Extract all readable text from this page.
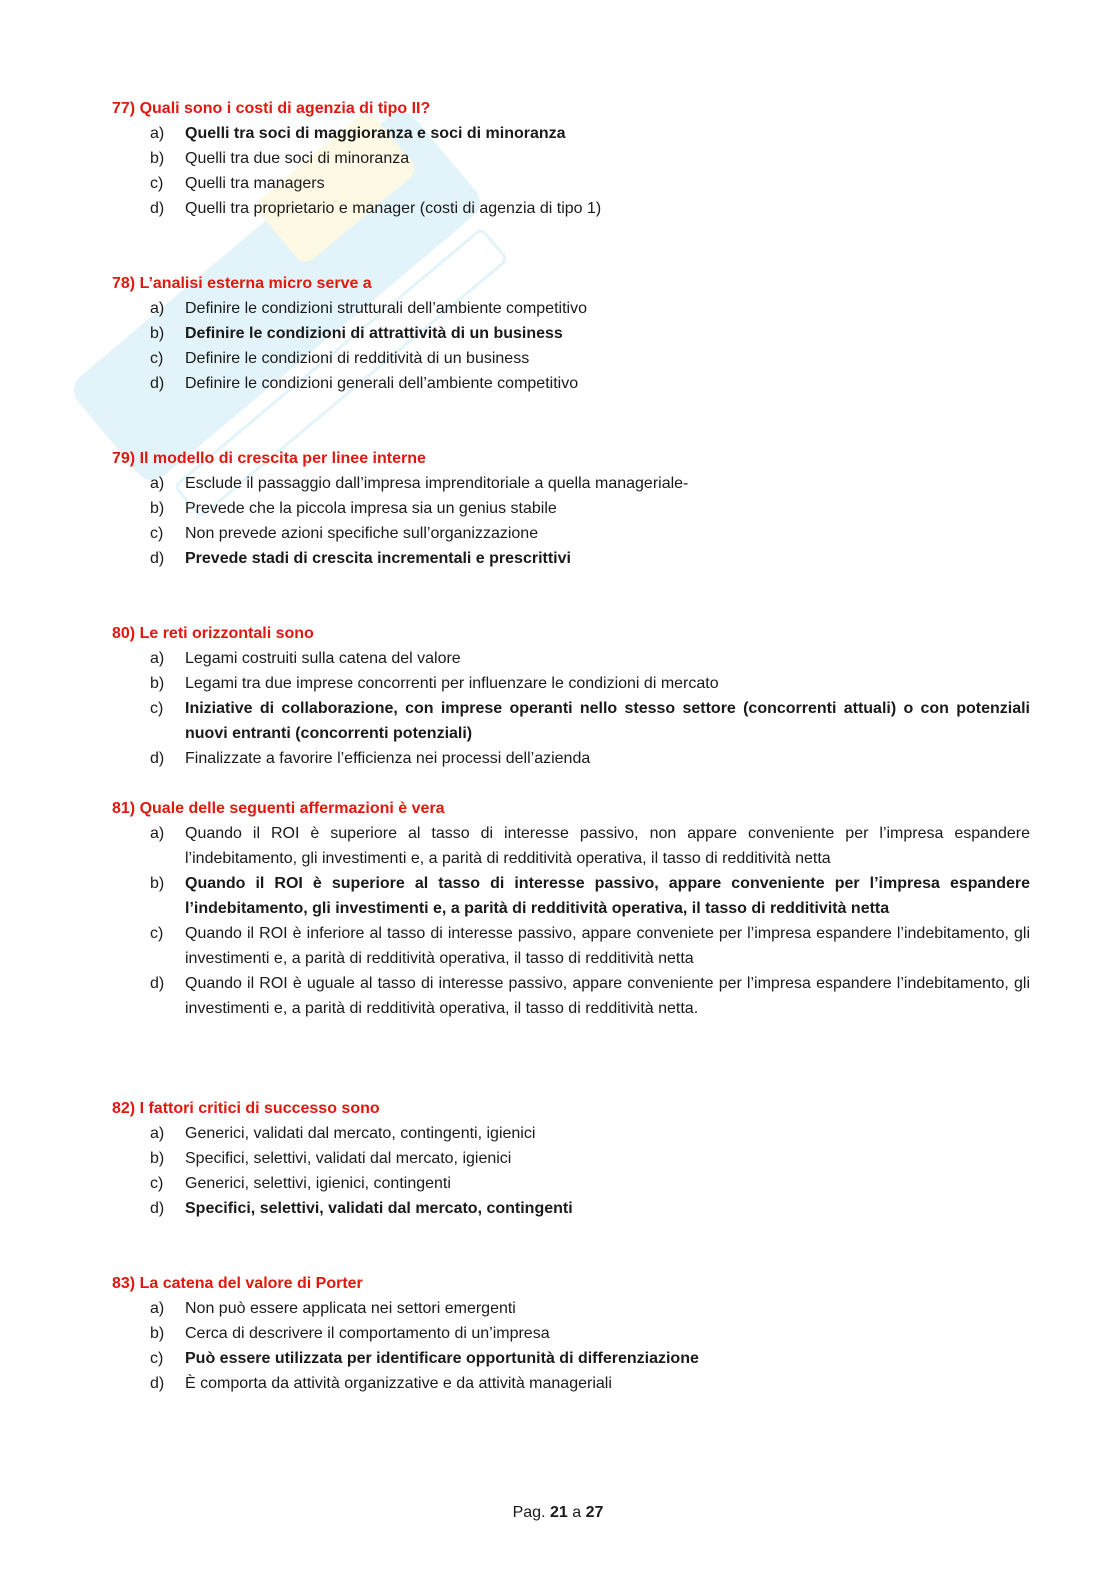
77) Quali sono i costi di agenzia di tipo II?
a)	Quelli tra soci di maggioranza e soci di minoranza
b)	Quelli tra due soci di minoranza
c)	Quelli tra managers
d)	Quelli tra proprietario e manager (costi di agenzia di tipo 1)
78) L’analisi esterna micro serve a
a)	Definire le condizioni strutturali dell’ambiente competitivo
b)	Definire le condizioni di attrattività di un business
c)	Definire le condizioni di redditività di un business
d)	Definire le condizioni generali dell’ambiente competitivo
79) Il modello di crescita per linee interne
a)	Esclude il passaggio dall’impresa imprenditoriale a quella manageriale-
b)	Prevede che la piccola impresa sia un genius stabile
c)	Non prevede azioni specifiche sull’organizzazione
d)	Prevede stadi di crescita incrementali e prescrittivi
80) Le reti orizzontali sono
a)	Legami costruiti sulla catena del valore
b)	Legami tra due imprese concorrenti per influenzare le condizioni di mercato
c)	Iniziative di collaborazione, con imprese operanti nello stesso settore (concorrenti attuali) o con potenziali nuovi entranti (concorrenti potenziali)
d)	Finalizzate a favorire l’efficienza nei processi dell’azienda
81) Quale delle seguenti affermazioni è vera
a)	Quando il ROI è superiore al tasso di interesse passivo, non appare conveniente per l’impresa espandere l’indebitamento, gli investimenti e, a parità di redditività operativa, il tasso di redditività netta
b)	Quando il ROI è superiore al tasso di interesse passivo, appare conveniente per l’impresa espandere l’indebitamento, gli investimenti e, a parità di redditività operativa, il tasso di redditività netta
c)	Quando il ROI è inferiore al tasso di interesse passivo, appare conveniete per l’impresa espandere l’indebitamento, gli investimenti e, a parità di redditività operativa, il tasso di redditività netta
d)	Quando il ROI è uguale al tasso di interesse passivo, appare conveniente per l’impresa espandere l’indebitamento, gli investimenti e, a parità di redditività operativa, il tasso di redditività netta.
82) I fattori critici di successo sono
a)	Generici, validati dal mercato, contingenti, igienici
b)	Specifici, selettivi, validati dal mercato, igienici
c)	Generici, selettivi, igienici, contingenti
d)	Specifici, selettivi, validati dal mercato, contingenti
83) La catena del valore di Porter
a)	Non può essere applicata nei settori emergenti
b)	Cerca di descrivere il comportamento di un’impresa
c)	Può essere utilizzata per identificare opportunità di differenziazione
d)	È comporta da attività organizzative e da attività manageriali
Pag. 21 a 27
